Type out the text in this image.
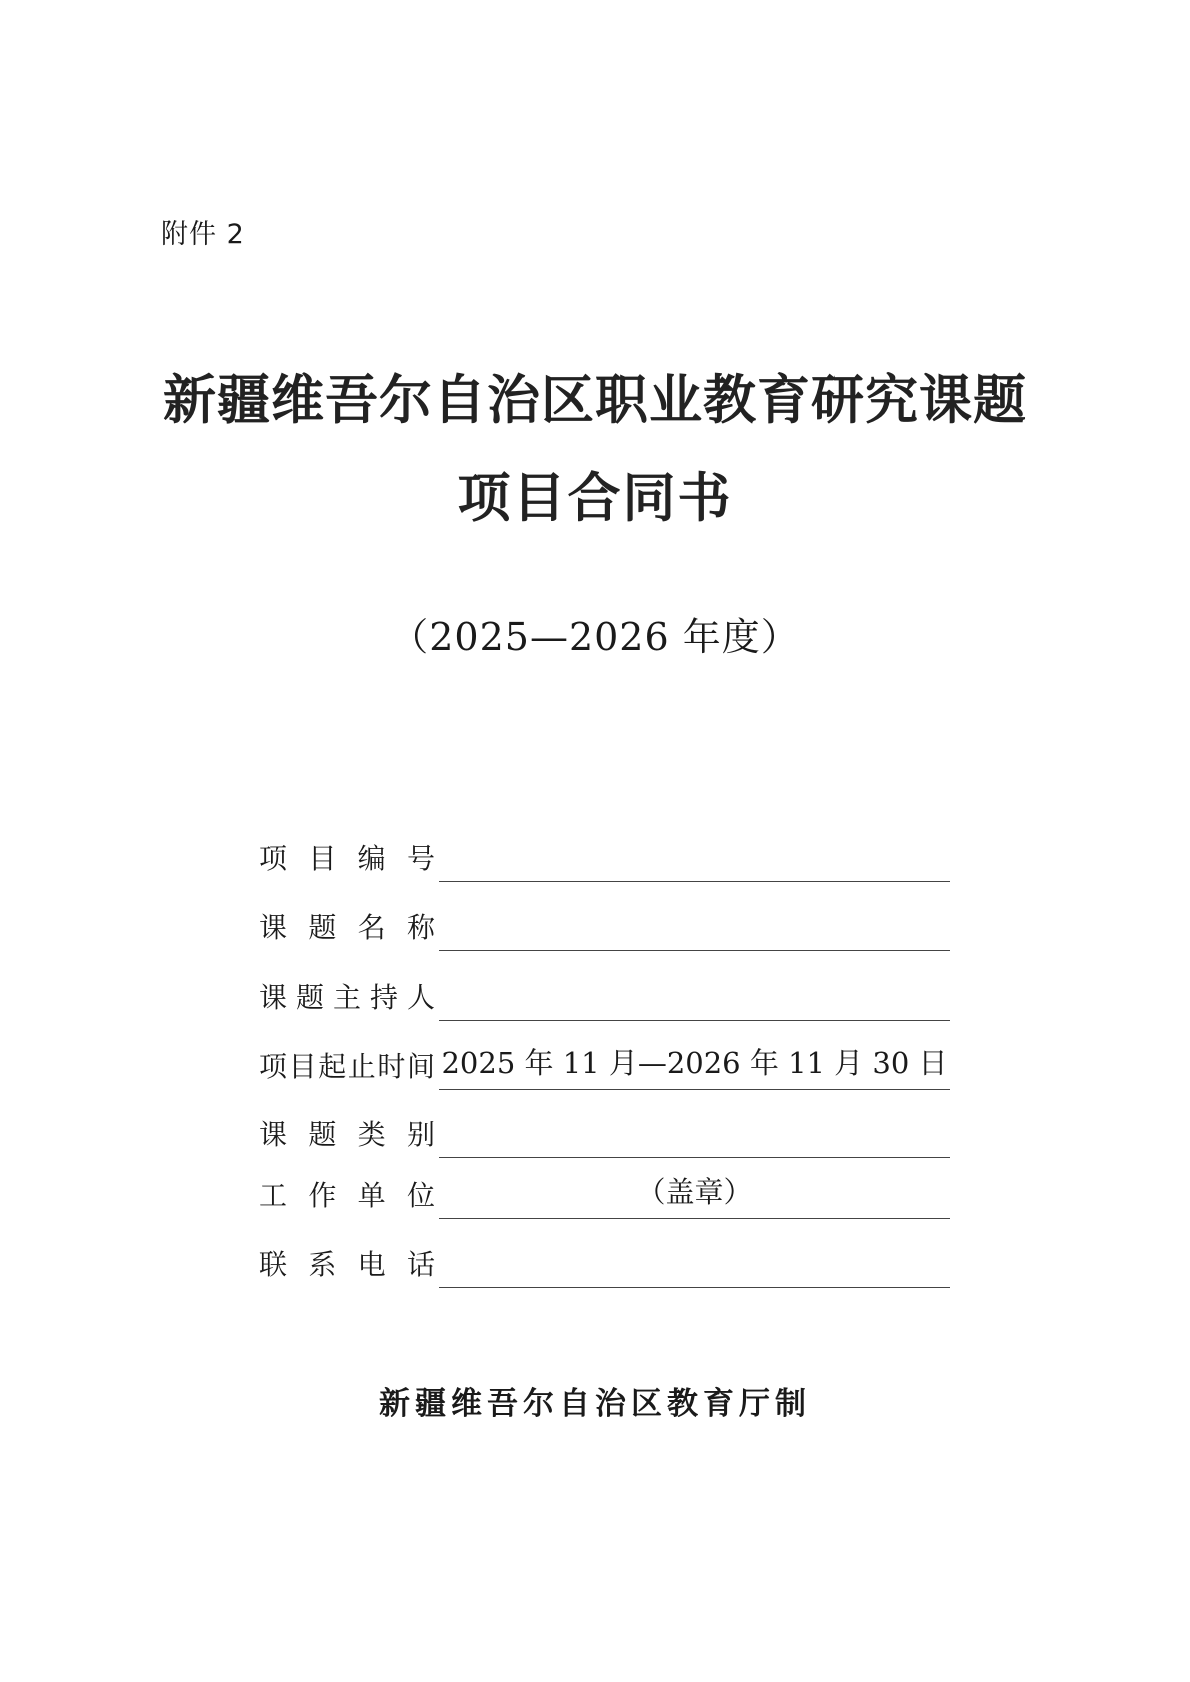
附件 2
新疆维吾尔自治区职业教育研究课题
项目合同书
（2025—2026 年度）
项 目 编 号
课 题 名 称
课 题 主 持 人
项 目 起 止 时 间 2025 年 11 月—2026 年 11 月 30 日
课 题 类 别
工 作 单 位	（盖章）
联 系 电 话
新疆维吾尔自治区教育厅制
